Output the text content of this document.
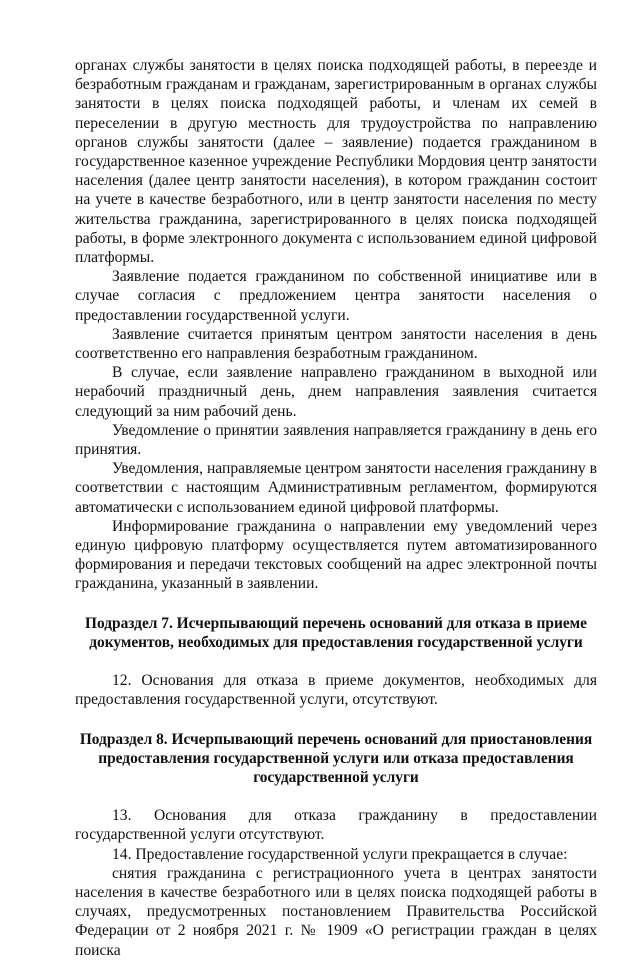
органах службы занятости в целях поиска подходящей работы, в переезде и безработным гражданам и гражданам, зарегистрированным в органах службы занятости в целях поиска подходящей работы, и членам их семей в переселении в другую местность для трудоустройства по направлению органов службы занятости (далее – заявление) подается гражданином в государственное казенное учреждение Республики Мордовия центр занятости населения (далее центр занятости населения), в котором гражданин состоит на учете в качестве безработного, или в центр занятости населения по месту жительства гражданина, зарегистрированного в целях поиска подходящей работы, в форме электронного документа с использованием единой цифровой платформы.

Заявление подается гражданином по собственной инициативе или в случае согласия с предложением центра занятости населения о предоставлении государственной услуги.

Заявление считается принятым центром занятости населения в день соответственно его направления безработным гражданином.

В случае, если заявление направлено гражданином в выходной или нерабочий праздничный день, днем направления заявления считается следующий за ним рабочий день.

Уведомление о принятии заявления направляется гражданину в день его принятия.

Уведомления, направляемые центром занятости населения гражданину в соответствии с настоящим Административным регламентом, формируются автоматически с использованием единой цифровой платформы.

Информирование гражданина о направлении ему уведомлений через единую цифровую платформу осуществляется путем автоматизированного формирования и передачи текстовых сообщений на адрес электронной почты гражданина, указанный в заявлении.

Подраздел 7. Исчерпывающий перечень оснований для отказа в приеме документов, необходимых для предоставления государственной услуги

12. Основания для отказа в приеме документов, необходимых для предоставления государственной услуги, отсутствуют.

Подраздел 8. Исчерпывающий перечень оснований для приостановления предоставления государственной услуги или отказа предоставления государственной услуги

13. Основания для отказа гражданину в предоставлении государственной услуги отсутствуют.

14. Предоставление государственной услуги прекращается в случае:

снятия гражданина с регистрационного учета в центрах занятости населения в качестве безработного или в целях поиска подходящей работы в случаях, предусмотренных постановлением Правительства Российской Федерации от 2 ноября 2021 г. № 1909 «О регистрации граждан в целях поиска
